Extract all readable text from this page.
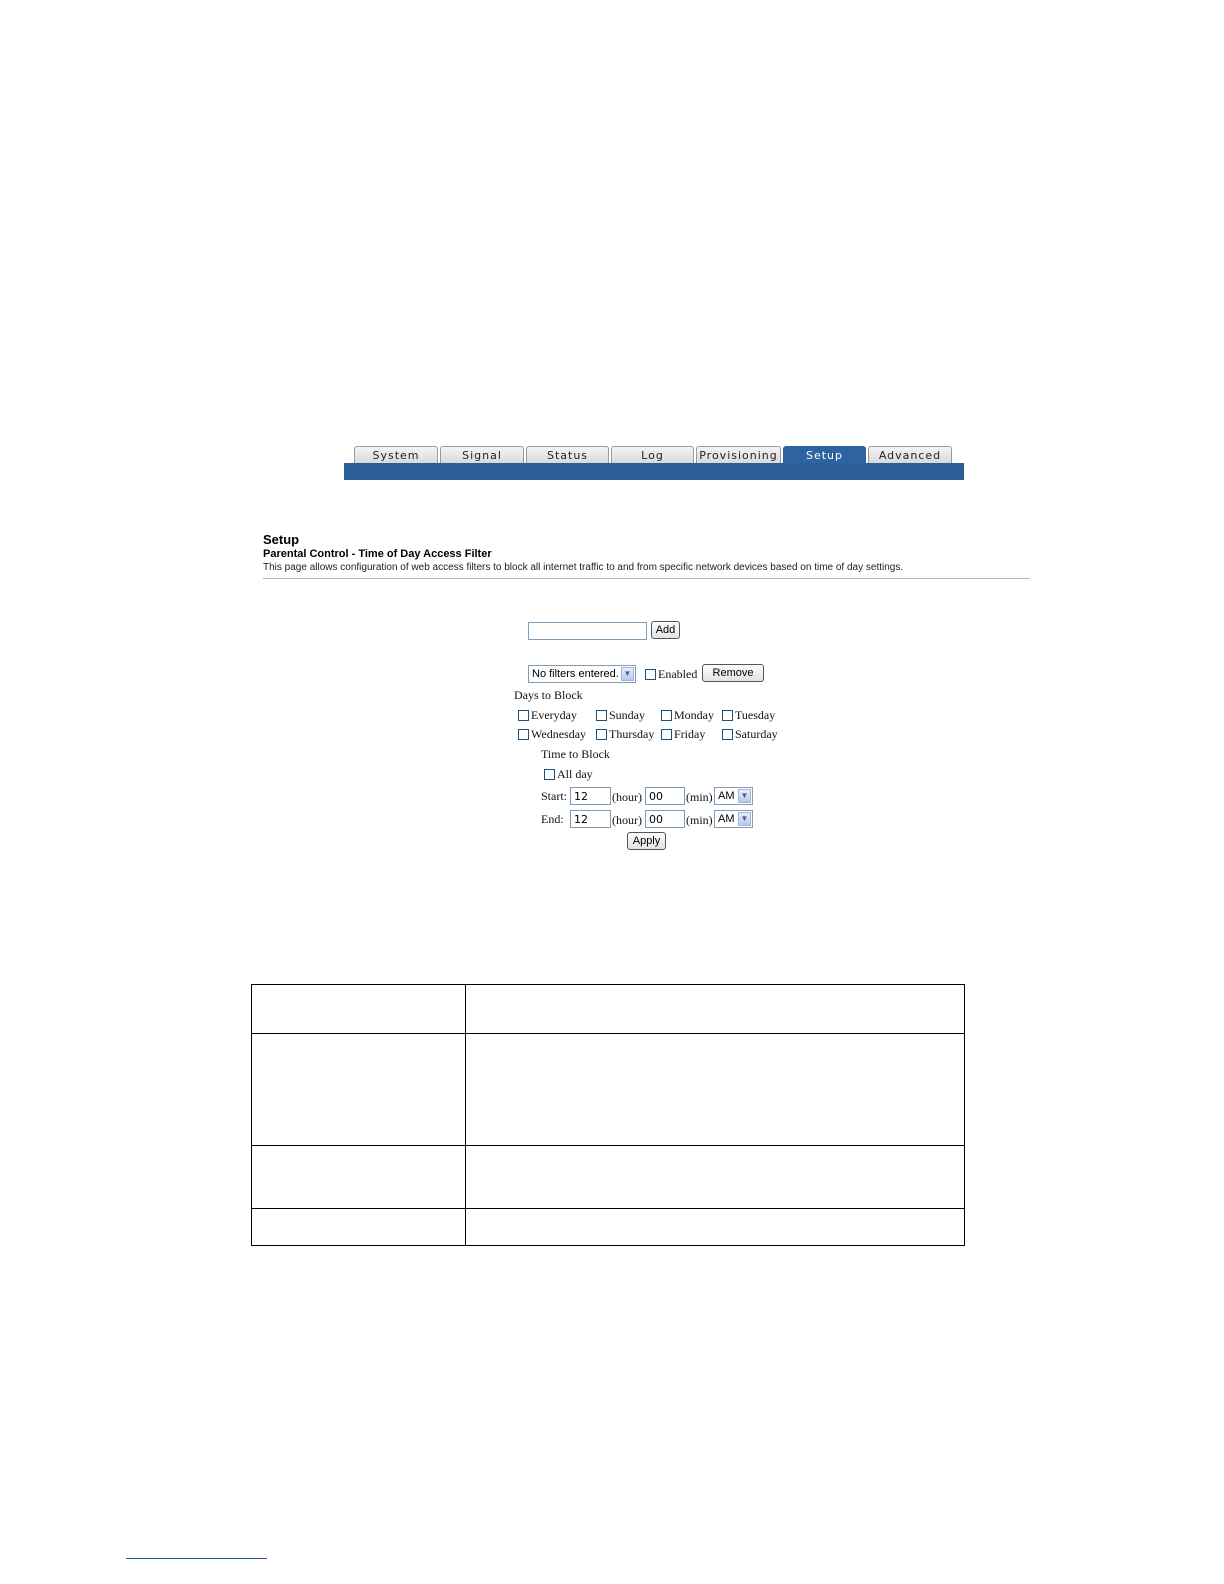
System	Signal	Status	Log	Provisioning	Setup	Advanced
Setup
Parental Control - Time of Day Access Filter
This page allows configuration of web access filters to block all internet traffic to and from specific network devices based on time of day settings.
Add
No filters entered. ▼ Enabled	Remove
Days to Block
Everyday	Sunday Monday Tuesday
Wednesday Thursday Friday Saturday
Time to Block
All day
Start:
12	(hour)
00	(min) AM ▼
End:
12	(hour)
00	(min) AM ▼
Apply
